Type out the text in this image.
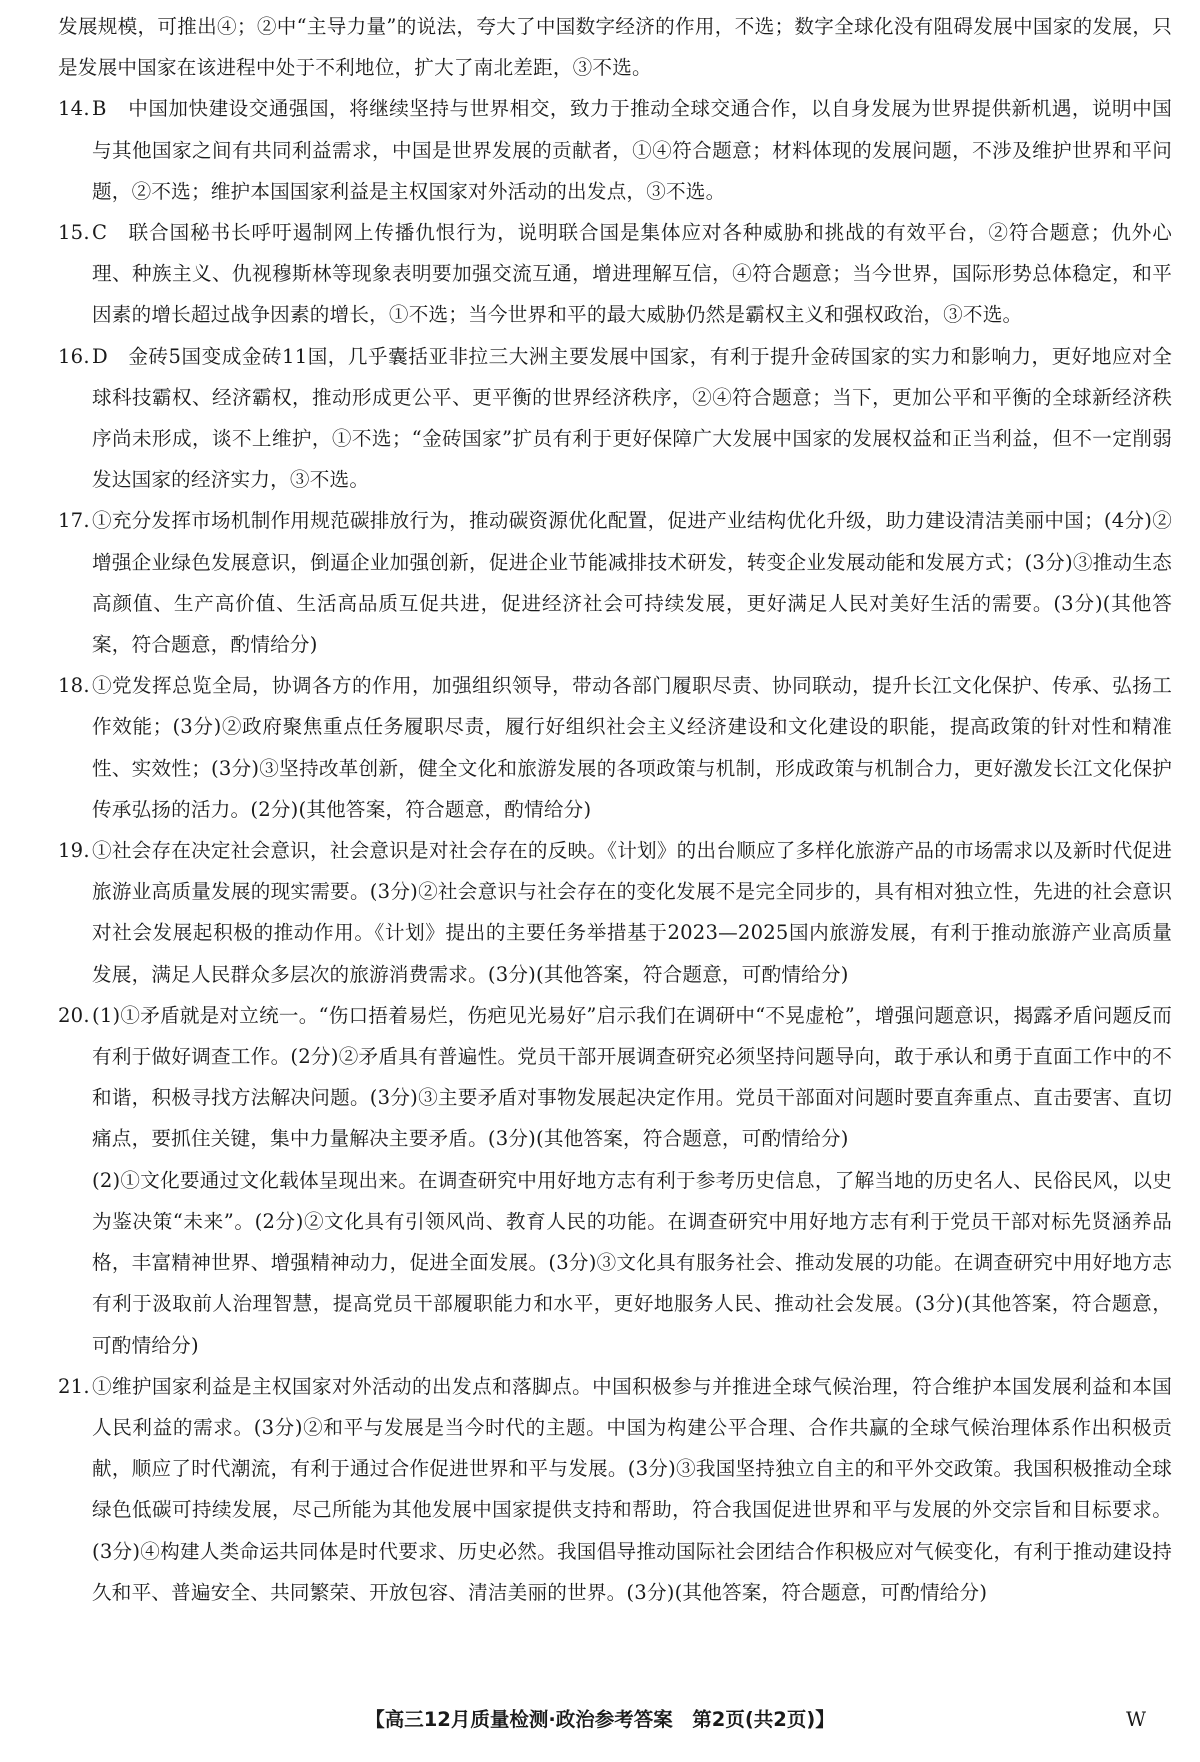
发展规模，可推出④；②中“主导力量”的说法，夸大了中国数字经济的作用，不选；数字全球化没有阻碍发展中国家的发展，只是发展中国家在该进程中处于不利地位，扩大了南北差距，③不选。
14. B 中国加快建设交通强国，将继续坚持与世界相交，致力于推动全球交通合作，以自身发展为世界提供新机遇，说明中国与其他国家之间有共同利益需求，中国是世界发展的贡献者，①④符合题意；材料体现的发展问题，不涉及维护世界和平问题，②不选；维护本国国家利益是主权国家对外活动的出发点，③不选。
15. C 联合国秘书长呼吁遏制网上传播仇恨行为，说明联合国是集体应对各种威胁和挑战的有效平台，②符合题意；仇外心理、种族主义、仇视穆斯林等现象表明要加强交流互通，增进理解互信，④符合题意；当今世界，国际形势总体稳定，和平因素的增长超过战争因素的增长，①不选；当今世界和平的最大威胁仍然是霸权主义和强权政治，③不选。
16. D 金砖5国变成金砖11国，几乎囊括亚非拉三大洲主要发展中国家，有利于提升金砖国家的实力和影响力，更好地应对全球科技霸权、经济霸权，推动形成更公平、更平衡的世界经济秩序，②④符合题意；当下，更加公平和平衡的全球新经济秩序尚未形成，谈不上维护，①不选；“金砖国家”扩员有利于更好保障广大发展中国家的发展权益和正当利益，但不一定削弱发达国家的经济实力，③不选。
17. ①充分发挥市场机制作用规范碳排放行为，推动碳资源优化配置，促进产业结构优化升级，助力建设清洁美丽中国；(4分)②增强企业绿色发展意识，倒逼企业加强创新，促进企业节能减排技术研发，转变企业发展动能和发展方式；(3分)③推动生态高颜值、生产高价值、生活高品质互促共进，促进经济社会可持续发展，更好满足人民对美好生活的需要。(3分)(其他答案，符合题意，酌情给分)
18. ①党发挥总览全局，协调各方的作用，加强组织领导，带动各部门履职尽责、协同联动，提升长江文化保护、传承、弘扬工作效能；(3分)②政府聚焦重点任务履职尽责，履行好组织社会主义经济建设和文化建设的职能，提高政策的针对性和精准性、实效性；(3分)③坚持改革创新，健全文化和旅游发展的各项政策与机制，形成政策与机制合力，更好激发长江文化保护传承弘扬的活力。(2分)(其他答案，符合题意，酌情给分)
19. ①社会存在决定社会意识，社会意识是对社会存在的反映。《计划》的出台顺应了多样化旅游产品的市场需求以及新时代促进旅游业高质量发展的现实需要。(3分)②社会意识与社会存在的变化发展不是完全同步的，具有相对独立性，先进的社会意识对社会发展起积极的推动作用。《计划》提出的主要任务举措基于2023—2025国内旅游发展，有利于推动旅游产业高质量发展，满足人民群众多层次的旅游消费需求。(3分)(其他答案，符合题意，可酌情给分)
20. (1)①矛盾就是对立统一。“伤口捂着易烂，伤疤见光易好”启示我们在调研中“不晃虚枪”，增强问题意识，揭露矛盾问题反而有利于做好调查工作。(2分)②矛盾具有普遍性。党员干部开展调查研究必须坚持问题导向，敢于承认和勇于直面工作中的不和谐，积极寻找方法解决问题。(3分)③主要矛盾对事物发展起决定作用。党员干部面对问题时要直奔重点、直击要害、直切痛点，要抓住关键，集中力量解决主要矛盾。(3分)(其他答案，符合题意，可酌情给分)
(2)①文化要通过文化载体呈现出来。在调查研究中用好地方志有利于参考历史信息，了解当地的历史名人、民俗民风，以史为鉴决策“未来”。(2分)②文化具有引领风尚、教育人民的功能。在调查研究中用好地方志有利于党员干部对标先贤涵养品格，丰富精神世界、增强精神动力，促进全面发展。(3分)③文化具有服务社会、推动发展的功能。在调查研究中用好地方志有利于汲取前人治理智慧，提高党员干部履职能力和水平，更好地服务人民、推动社会发展。(3分)(其他答案，符合题意，可酌情给分)
21. ①维护国家利益是主权国家对外活动的出发点和落脚点。中国积极参与并推进全球气候治理，符合维护本国发展利益和本国人民利益的需求。(3分)②和平与发展是当今时代的主题。中国为构建公平合理、合作共赢的全球气候治理体系作出积极贡献，顺应了时代潮流，有利于通过合作促进世界和平与发展。(3分)③我国坚持独立自主的和平外交政策。我国积极推动全球绿色低碳可持续发展，尽己所能为其他发展中国家提供支持和帮助，符合我国促进世界和平与发展的外交宗旨和目标要求。(3分)④构建人类命运共同体是时代要求、历史必然。我国倡导推动国际社会团结合作积极应对气候变化，有利于推动建设持久和平、普遍安全、共同繁荣、开放包容、清洁美丽的世界。(3分)(其他答案，符合题意，可酌情给分)
【高三12月质量检测·政治参考答案　第2页(共2页)】	W
